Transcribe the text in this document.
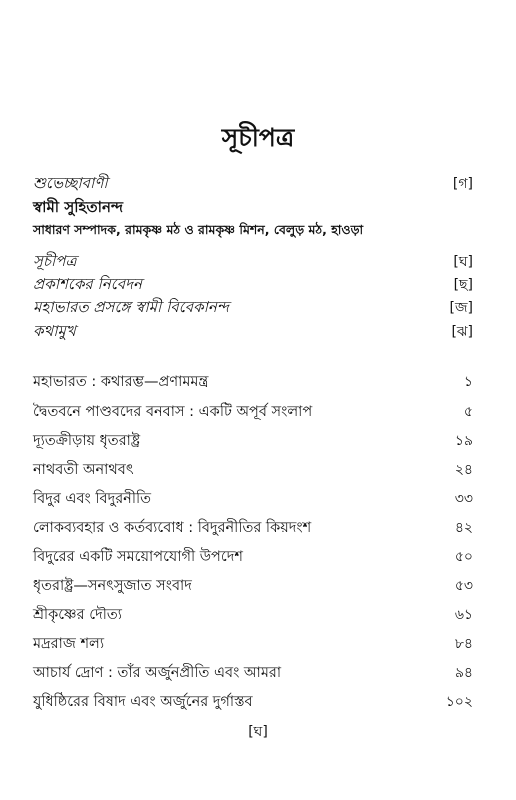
সূচীপত্র
শুভেচ্ছাবাণী	[গ]
স্বামী সুহিতানন্দ
সাধারণ সম্পাদক, রামকৃষ্ণ মঠ ও রামকৃষ্ণ মিশন, বেলুড় মঠ, হাওড়া
সূচীপত্র	[ঘ]
প্রকাশকের নিবেদন	[ছ]
মহাভারত প্রসঙ্গে স্বামী বিবেকানন্দ	[জ]
কথামুখ	[ঝ]
মহাভারত : কথারম্ভ—প্রণামমন্ত্র	১
দ্বৈতবনে পাণ্ডবদের বনবাস : একটি অপূর্ব সংলাপ	৫
দ্যূতক্রীড়ায় ধৃতরাষ্ট্র	১৯
নাথবতী অনাথবৎ	২৪
বিদুর এবং বিদুরনীতি	৩৩
লোকব্যবহার ও কর্তব্যবোধ : বিদুরনীতির কিয়দংশ	৪২
বিদুরের একটি সময়োপযোগী উপদেশ	৫০
ধৃতরাষ্ট্র—সনৎসুজাত সংবাদ	৫৩
শ্রীকৃষ্ণের দৌত্য	৬১
মদ্ররাজ শল্য	৮৪
আচার্য দ্রোণ : তাঁর অর্জুনপ্রীতি এবং আমরা	৯৪
যুধিষ্ঠিরের বিষাদ এবং অর্জুনের দুর্গাস্তব	১০২
[ঘ]
